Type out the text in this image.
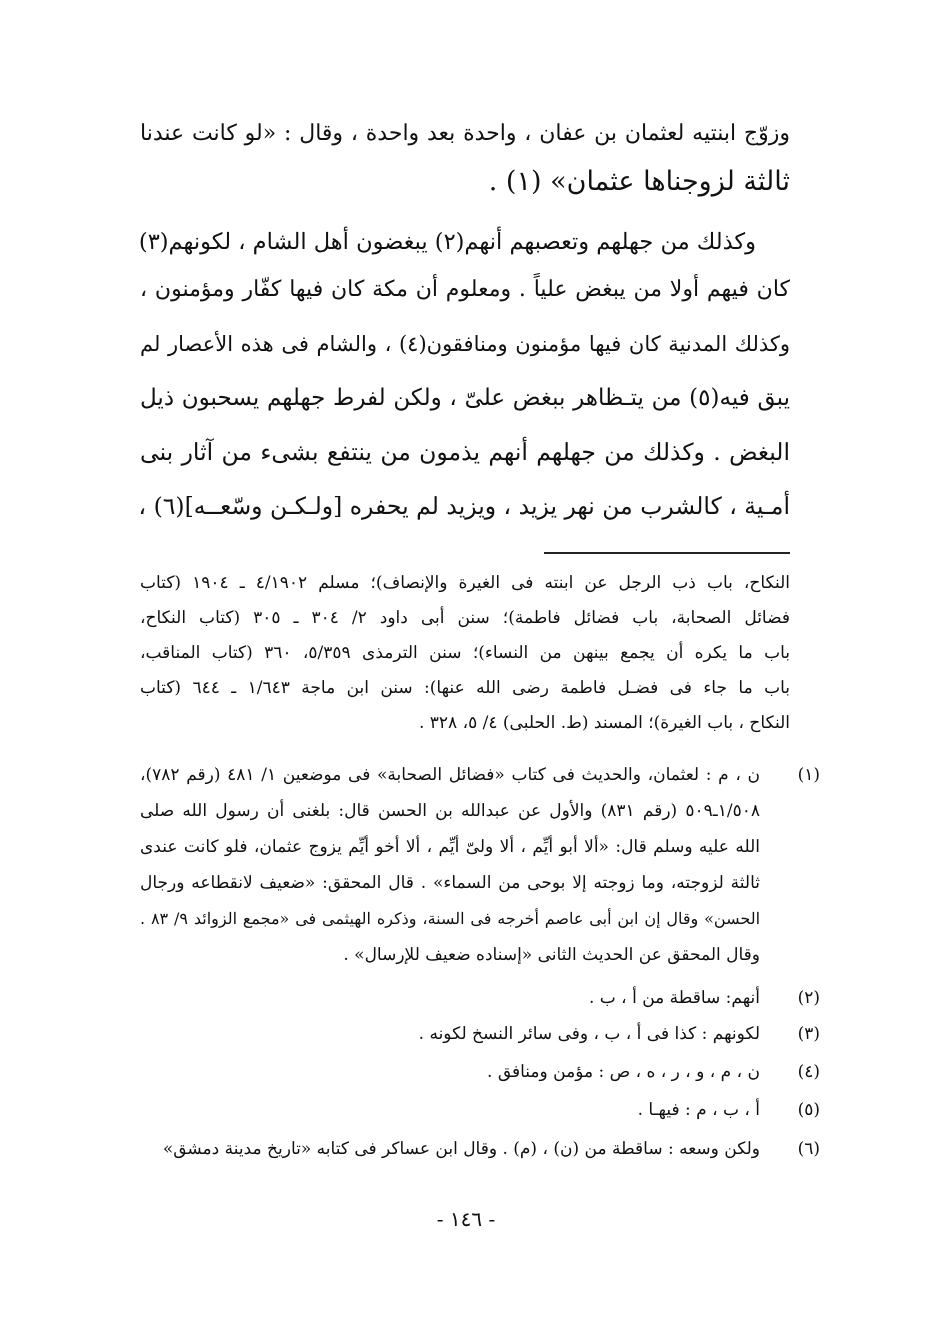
وزوّج ابنتيه لعثمان بن عفان ، واحدة بعد واحدة ، وقال : «لو كانت عندنا
ثالثة لزوجناها عثمان» (١) .
وكذلك من جهلهم وتعصبهم أنهم(٢) يبغضون أهل الشام ، لكونهم(٣)
كان فيهم أولا من يبغض علياً . ومعلوم أن مكة كان فيها كفّار ومؤمنون ،
وكذلك المدنية كان فيها مؤمنون ومنافقون(٤) ، والشام فى هذه الأعصار لم
يبق فيه(٥) من يتـظاهر ببغض علىّ ، ولكن لفرط جهلهم يسحبون ذيل
البغض . وكذلك من جهلهم أنهم يذمون من ينتفع بشىء من آثار بنى
أمـية ، كالشرب من نهر يزيد ، ويزيد لم يحفره [ولـكـن وسّعــه](٦) ،
النكاح، باب ذب الرجل عن ابنته فى الغيرة والإنصاف)؛ مسلم ٤/١٩٠٢ ـ ١٩٠٤ (كتاب
فضائل الصحابة، باب فضائل فاطمة)؛ سنن أبى داود ٢/ ٣٠٤ ـ ٣٠٥ (كتاب النكاح،
باب ما يكره أن يجمع بينهن من النساء)؛ سنن الترمذى ٥/٣٥٩، ٣٦٠ (كتاب المناقب،
باب ما جاء فى فضـل فاطمة رضى الله عنها): سنن ابن ماجة ١/٦٤٣ ـ ٦٤٤ (كتاب
النكاح ، باب الغيرة)؛ المسند (ط. الحلبى) ٤/ ٥، ٣٢٨ .
(١)
ن ، م : لعثمان، والحديث فى كتاب «فضائل الصحابة» فى موضعين ١/ ٤٨١ (رقم ٧٨٢)،
١/٥٠٨ـ٥٠٩ (رقم ٨٣١) والأول عن عبدالله بن الحسن قال: بلغنى أن رسول الله صلى
الله عليه وسلم قال: «ألا أبو أيِّم ، ألا ولىّ أيِّم ، ألا أخو أيِّم يزوج عثمان، فلو كانت عندى
ثالثة لزوجته، وما زوجته إلا بوحى من السماء» . قال المحقق: «ضعيف لانقطاعه ورجال
الحسن» وقال إن ابن أبى عاصم أخرجه فى السنة، وذكره الهيثمى فى «مجمع الزوائد ٩/ ٨٣ .
وقال المحقق عن الحديث الثانى «إسناده ضعيف للإرسال» .
(٢)
أنهم: ساقطة من أ ، ب .
(٣)
لكونهم : كذا فى أ ، ب ، وفى سائر النسخ لكونه .
(٤)
ن ، م ، و ، ر ، ه ، ص : مؤمن ومنافق .
(٥)
أ ، ب ، م : فيهـا .
(٦)
ولكن وسعه : ساقطة من (ن) ، (م) . وقال ابن عساكر فى كتابه «تاريخ مدينة دمشق»
- ١٤٦ -
